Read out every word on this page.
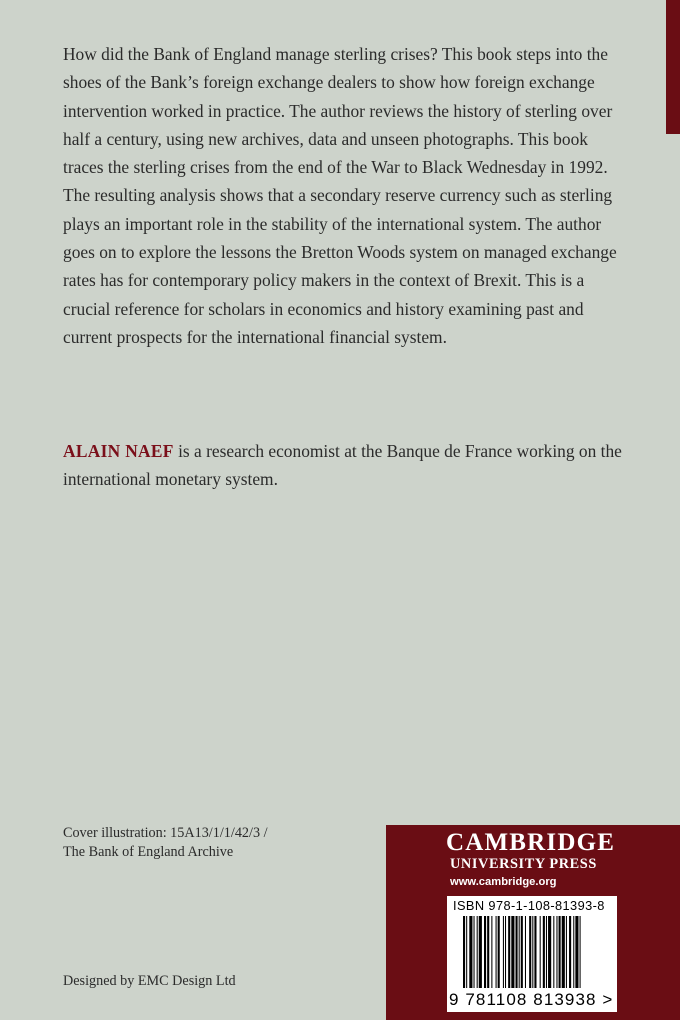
How did the Bank of England manage sterling crises? This book steps into the shoes of the Bank’s foreign exchange dealers to show how foreign exchange intervention worked in practice. The author reviews the history of sterling over half a century, using new archives, data and unseen photographs. This book traces the sterling crises from the end of the War to Black Wednesday in 1992. The resulting analysis shows that a secondary reserve currency such as sterling plays an important role in the stability of the international system. The author goes on to explore the lessons the Bretton Woods system on managed exchange rates has for contemporary policy makers in the context of Brexit. This is a crucial reference for scholars in economics and history examining past and current prospects for the international financial system.

ALAIN NAEF is a research economist at the Banque de France working on the international monetary system.

Cover illustration: 15A13/1/1/42/3 /
The Bank of England Archive
Designed by EMC Design Ltd
CAMBRIDGE
UNIVERSITY PRESS
www.cambridge.org
ISBN 978-1-108-81393-8
9 781108 813938 >
